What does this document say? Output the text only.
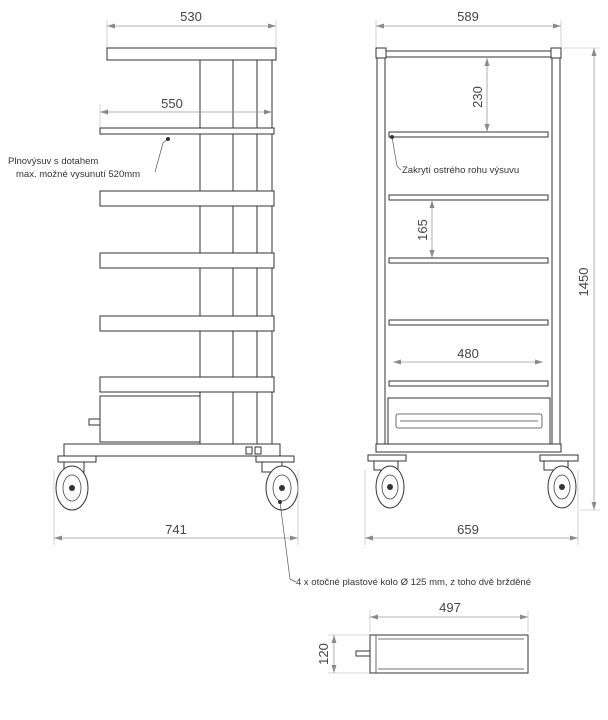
530
550
Plnovýsuv s dotahem
max. možné vysunutí 520mm
741
589
230
165
480
Zakrytí ostrého rohu výsuvu
1450
659
4 x otočné plastové kolo Ø 125 mm, z toho dvě bržděné
497
120
